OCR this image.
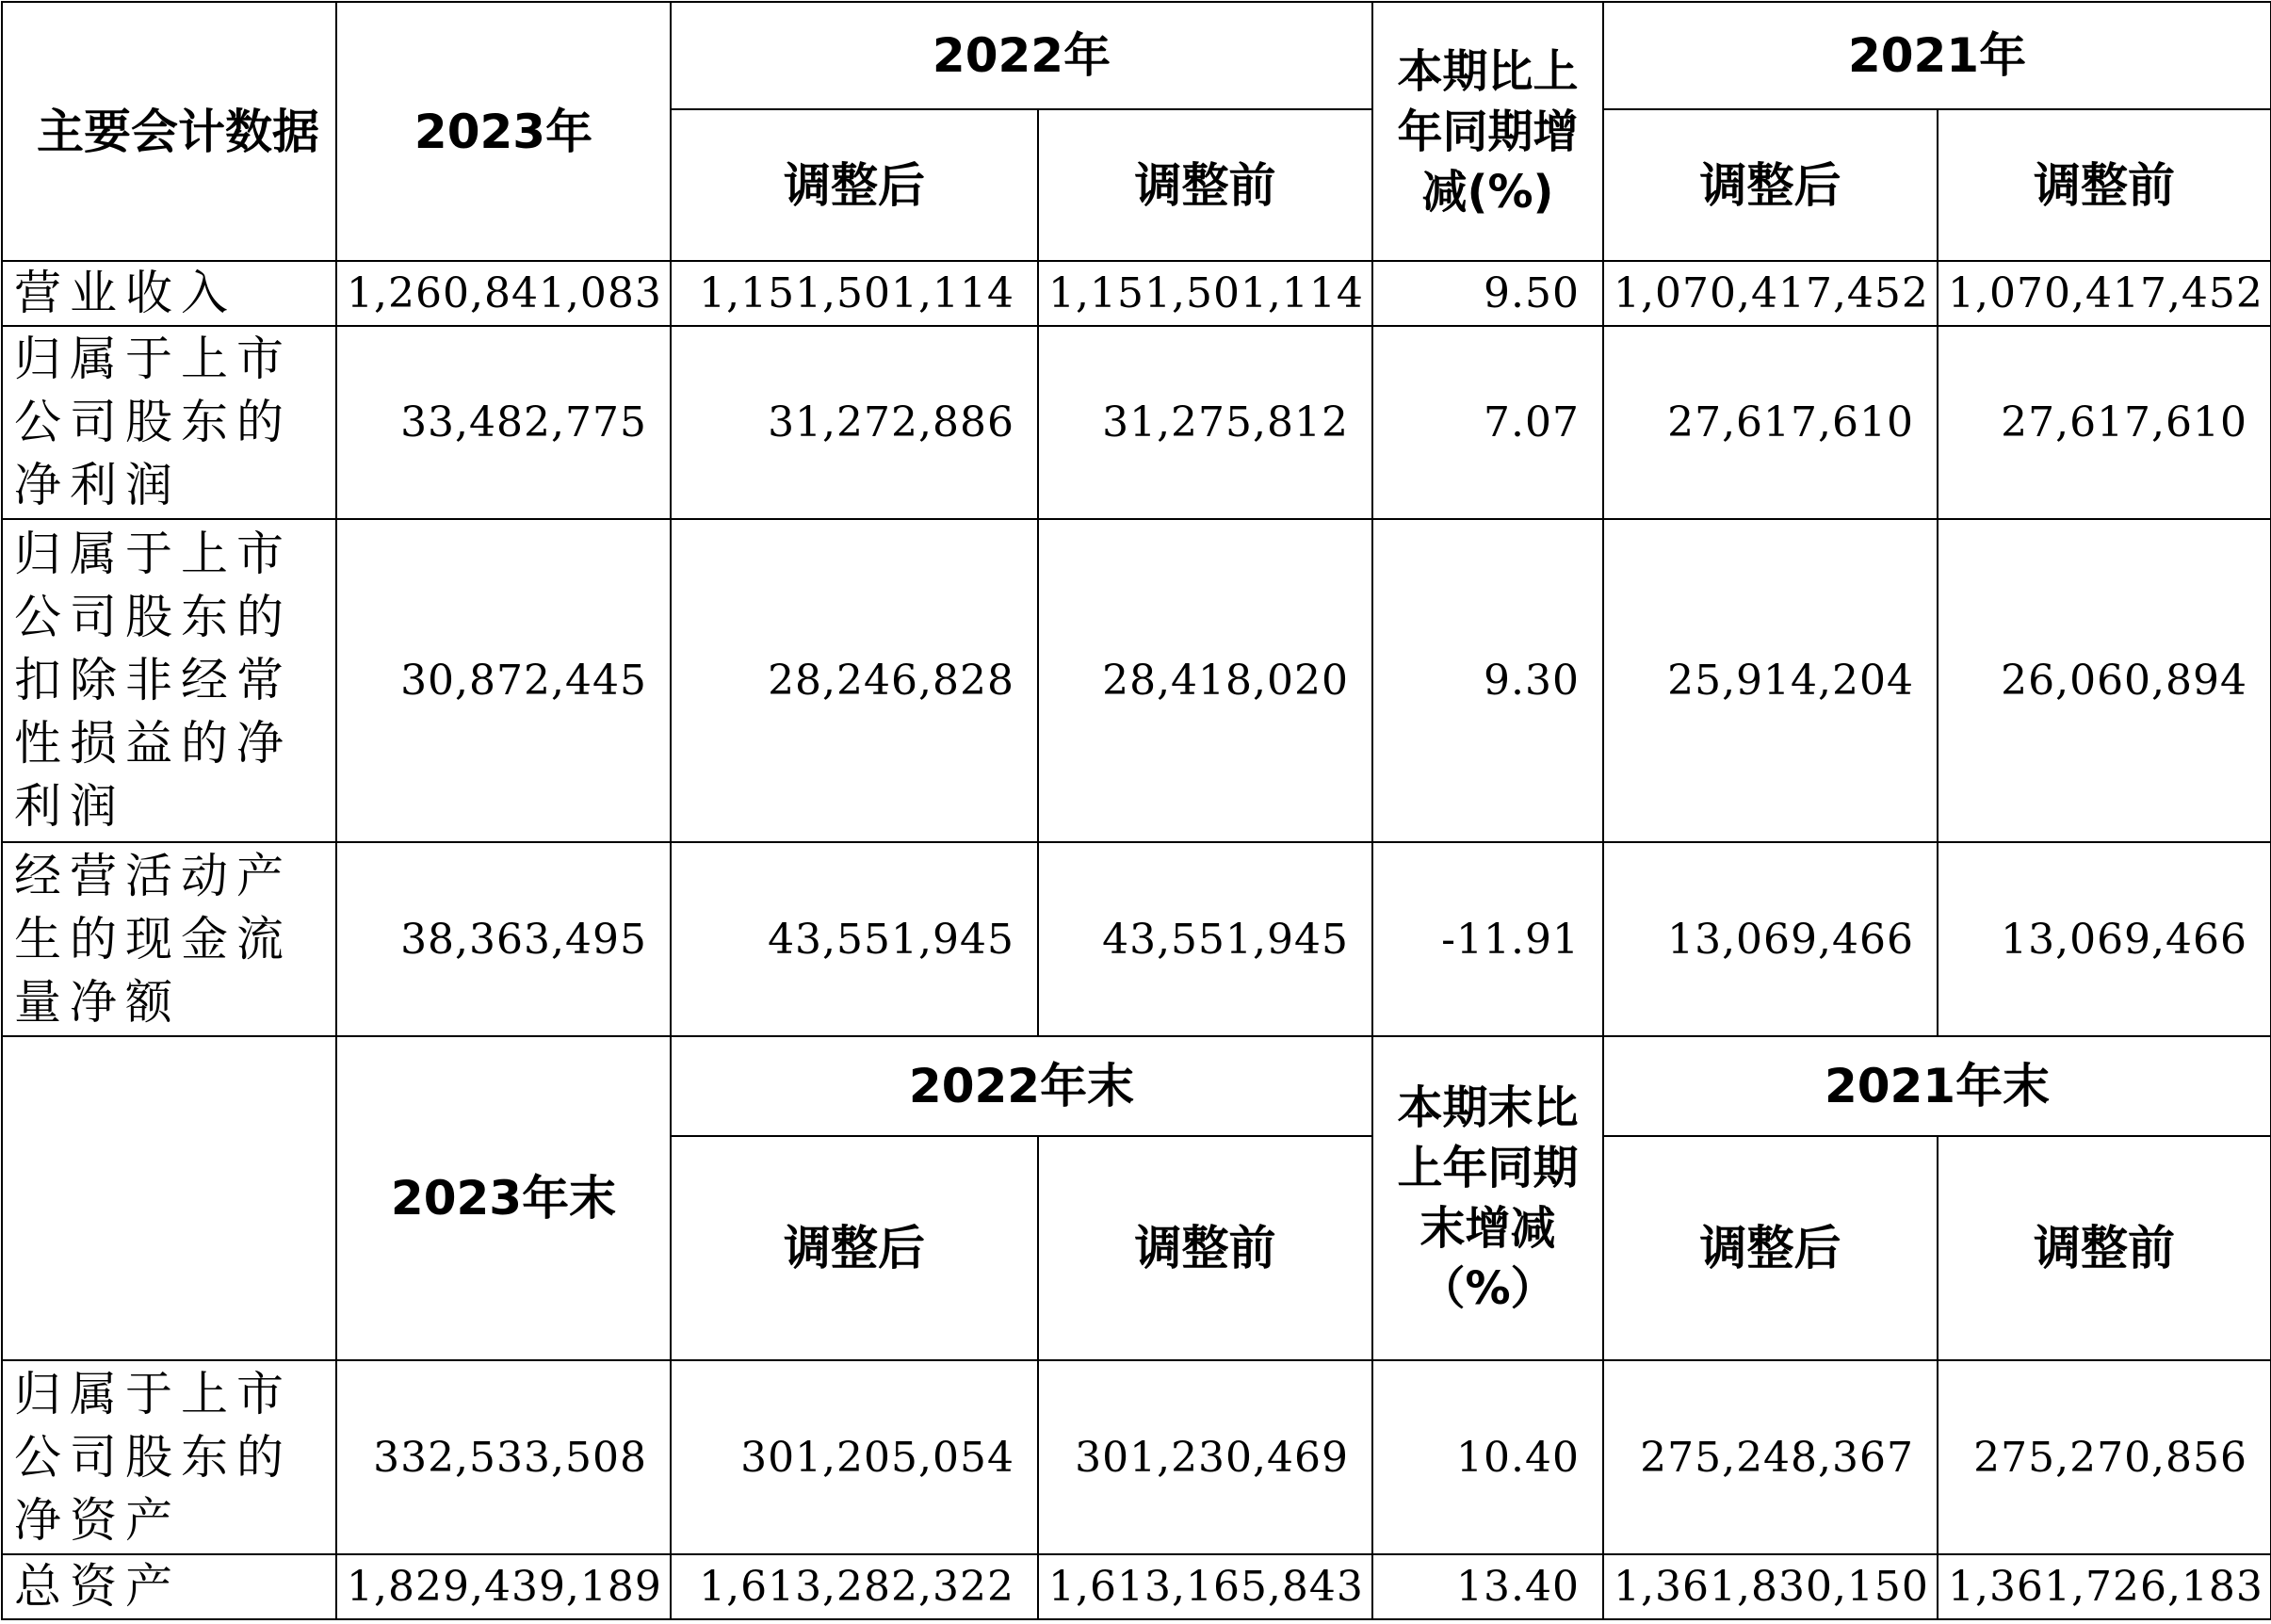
主要会计数据	2023年	2022年		本期比上年同期增减(%)	2021年	
		调整后	调整前		调整后	调整前
营业收入	1,260,841,083	1,151,501,114	1,151,501,114	9.50	1,070,417,452	1,070,417,452
归属于上市公司股东的净利润	33,482,775	31,272,886	31,275,812	7.07	27,617,610	27,617,610
归属于上市公司股东的扣除非经常性损益的净利润	30,872,445	28,246,828	28,418,020	9.30	25,914,204	26,060,894
经营活动产生的现金流量净额	38,363,495	43,551,945	43,551,945	-11.91	13,069,466	13,069,466
	2023年末	2022年末		本期末比上年同期末增减（%）	2021年末	
		调整后	调整前		调整后	调整前
归属于上市公司股东的净资产	332,533,508	301,205,054	301,230,469	10.40	275,248,367	275,270,856
总资产	1,829,439,189	1,613,282,322	1,613,165,843	13.40	1,361,830,150	1,361,726,183
